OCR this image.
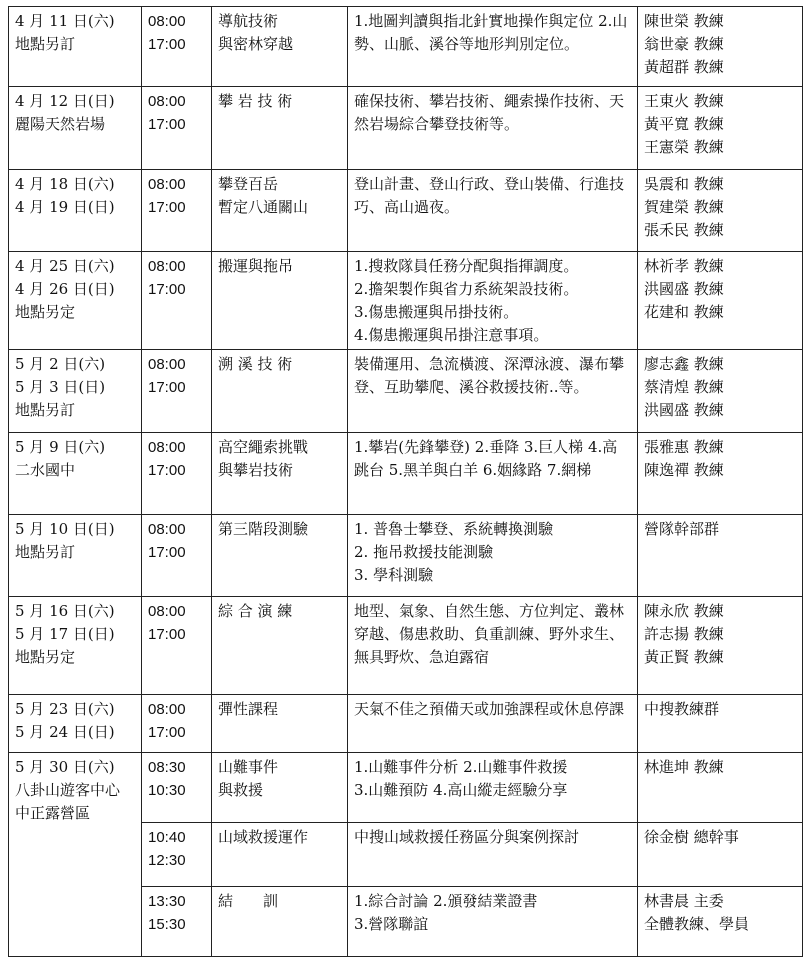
4 月 11 日(六)
地點另訂	08:00
17:00	導航技術
與密林穿越	1.地圖判讀與指北針實地操作與定位 2.山勢、山脈、溪谷等地形判別定位。	陳世榮 教練
翁世豪 教練
黃超群 教練

4 月 12 日(日)
麗陽天然岩場	08:00
17:00	攀 岩 技 術	確保技術、攀岩技術、繩索操作技術、天然岩場綜合攀登技術等。	王東火 教練
黃平寬 教練
王憲榮 教練

4 月 18 日(六)
4 月 19 日(日)	08:00
17:00	攀登百岳
暫定八通關山	登山計畫、登山行政、登山裝備、行進技巧、高山過夜。	吳震和 教練
賀建榮 教練
張禾民 教練

4 月 25 日(六)
4 月 26 日(日)
地點另定	08:00
17:00	搬運與拖吊	1.搜救隊員任務分配與指揮調度。
2.擔架製作與省力系統架設技術。
3.傷患搬運與吊掛技術。
4.傷患搬運與吊掛注意事項。	林祈孝 教練
洪國盛 教練
花建和 教練

5 月 2 日(六)
5 月 3 日(日)
地點另訂	08:00
17:00	溯 溪 技 術	裝備運用、急流橫渡、深潭泳渡、瀑布攀登、互助攀爬、溪谷救援技術..等。	廖志鑫 教練
蔡清煌 教練
洪國盛 教練

5 月 9 日(六)
二水國中	08:00
17:00	高空繩索挑戰
與攀岩技術	1.攀岩(先鋒攀登) 2.垂降 3.巨人梯 4.高跳台 5.黑羊與白羊 6.姻緣路 7.網梯	張雅惠 教練
陳逸禪 教練

5 月 10 日(日)
地點另訂	08:00
17:00	第三階段測驗	1. 普魯士攀登、系統轉換測驗
2. 拖吊救援技能測驗
3. 學科測驗	營隊幹部群

5 月 16 日(六)
5 月 17 日(日)
地點另定	08:00
17:00	綜 合 演 練	地型、氣象、自然生態、方位判定、叢林穿越、傷患救助、負重訓練、野外求生、無具野炊、急迫露宿	陳永欣 教練
許志揚 教練
黃正賢 教練

5 月 23 日(六)
5 月 24 日(日)	08:00
17:00	彈性課程	天氣不佳之預備天或加強課程或休息停課	中搜教練群

5 月 30 日(六)
八卦山遊客中心
中正露營區	08:30
10:30	山難事件
與救援	1.山難事件分析 2.山難事件救援
3.山難預防 4.高山縱走經驗分享	林進坤 教練

	10:40
12:30	山域救援運作	中搜山域救援任務區分與案例探討	徐金樹 總幹事

	13:30
15:30	結　　訓	1.綜合討論 2.頒發結業證書
3.營隊聯誼	林書晨 主委
全體教練、學員
